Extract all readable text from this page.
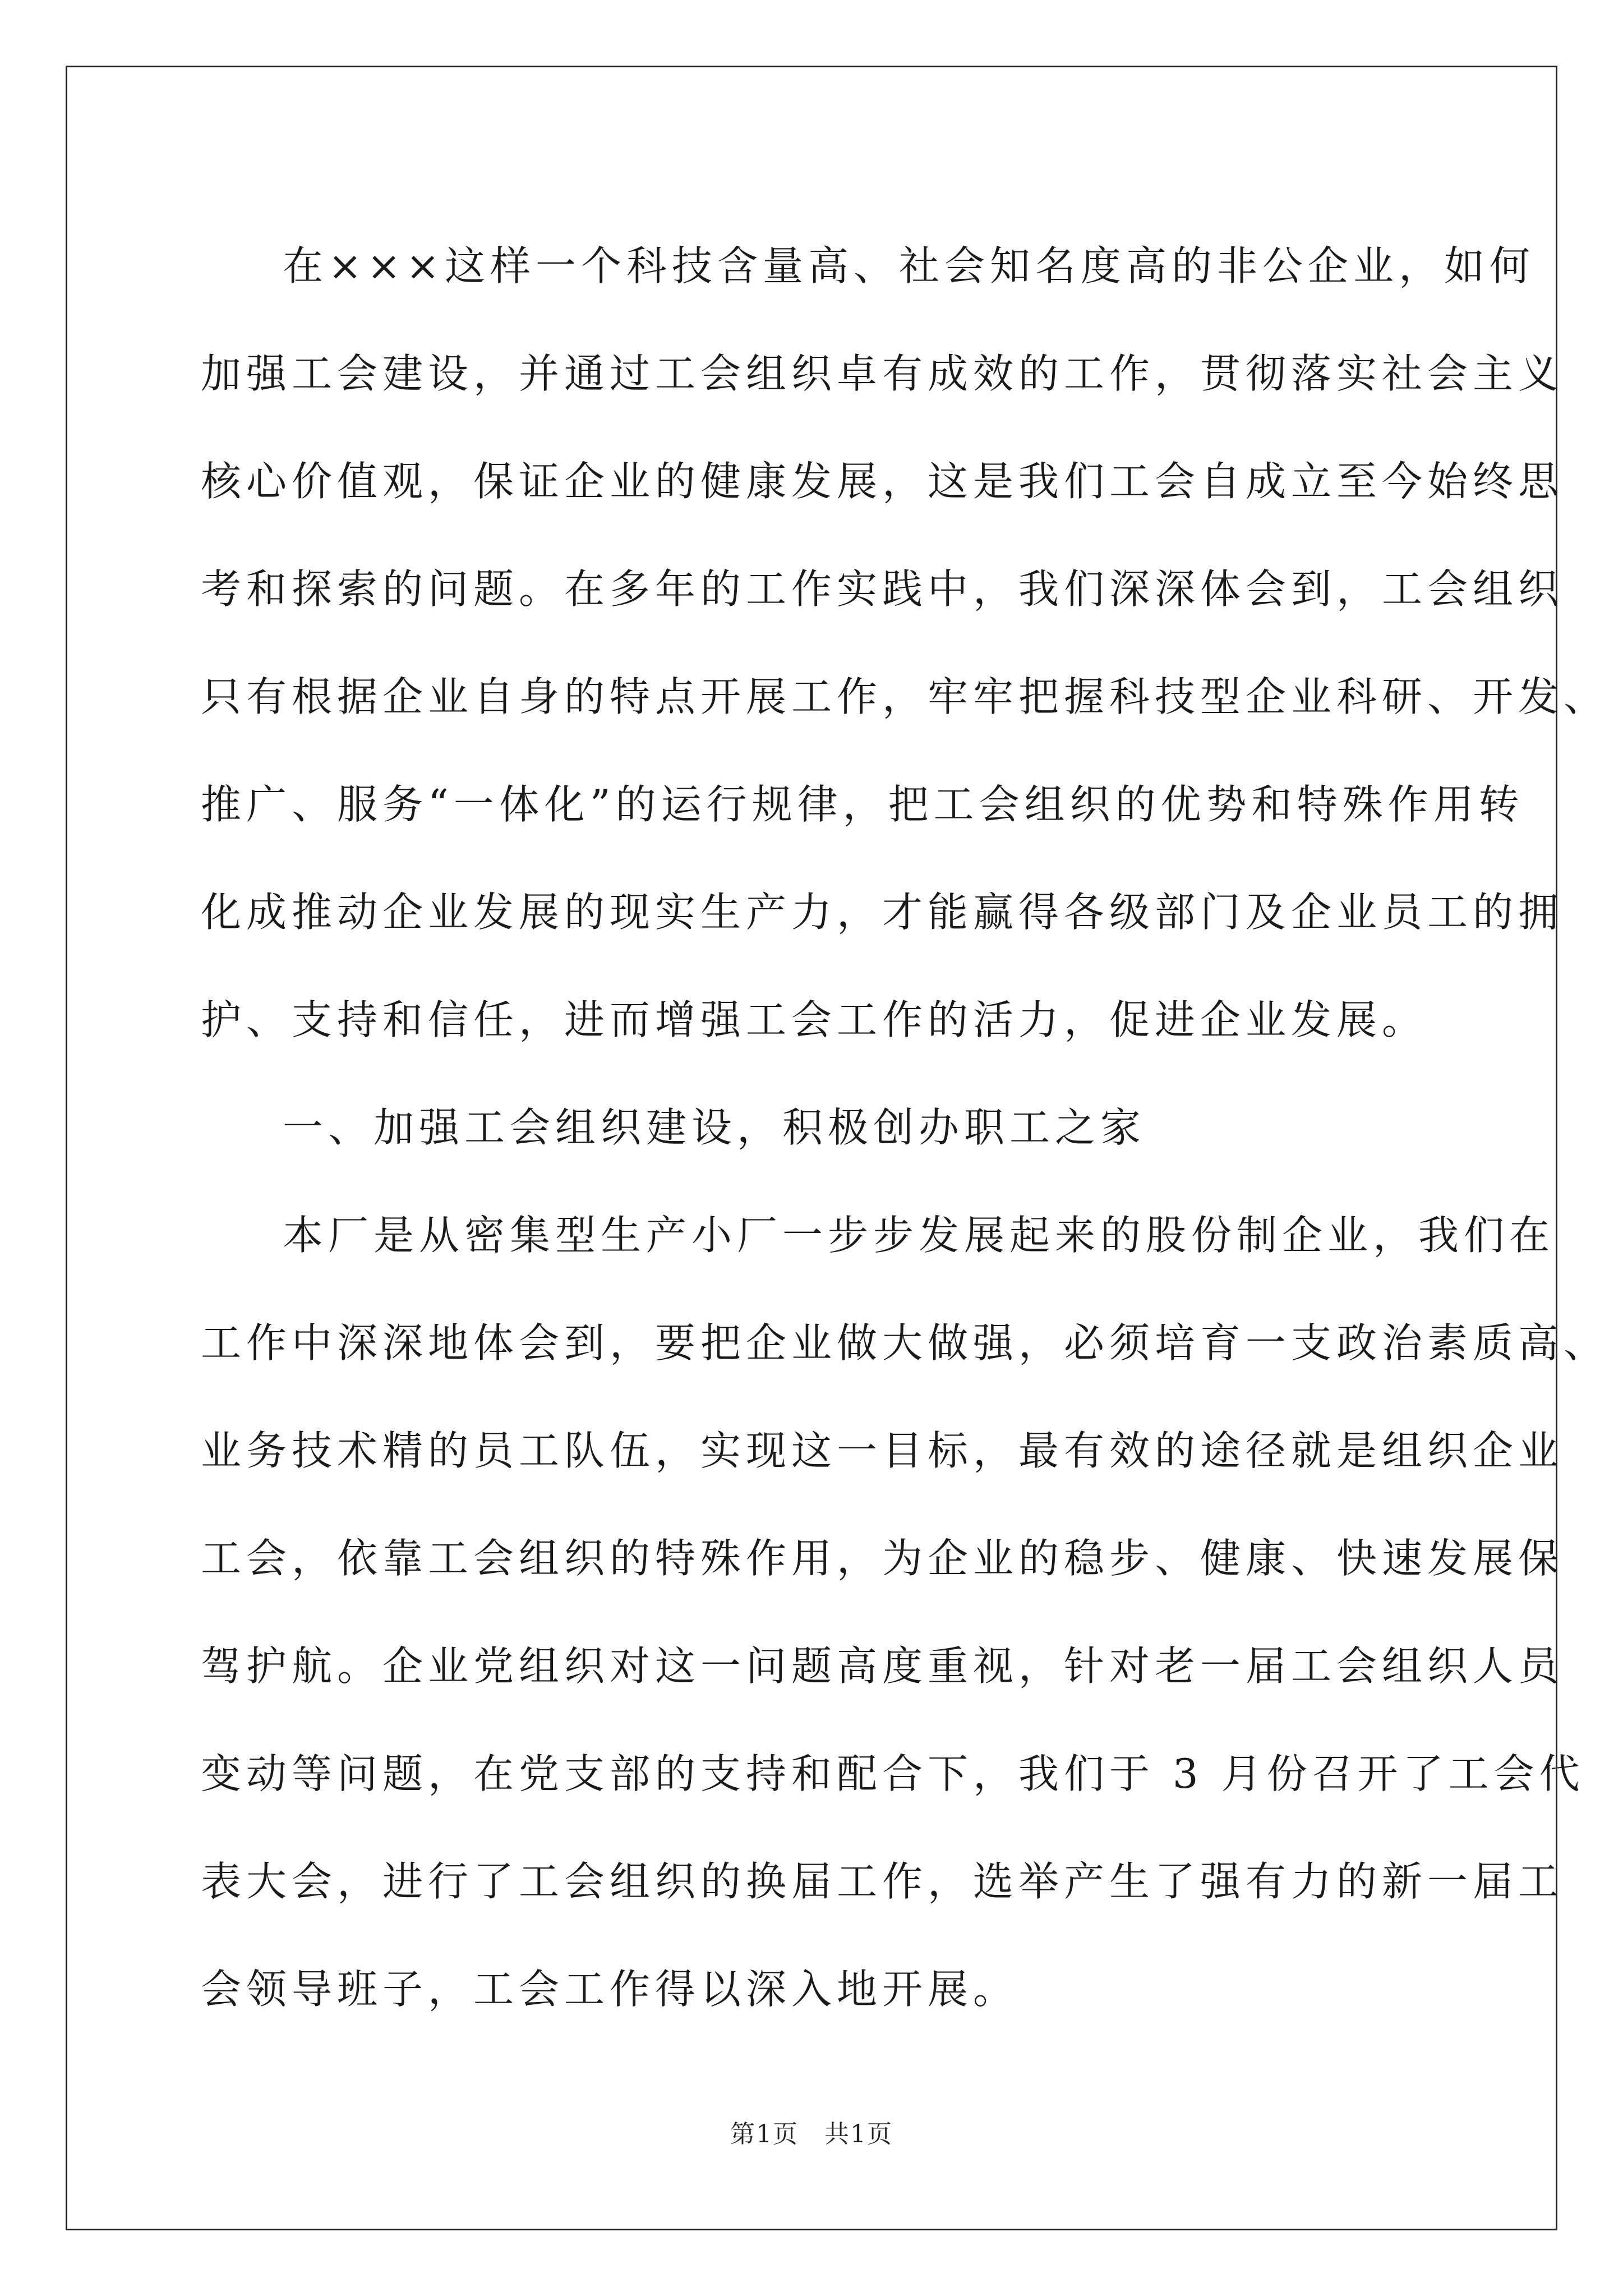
在×××这样一个科技含量高、社会知名度高的非公企业，如何
加强工会建设，并通过工会组织卓有成效的工作，贯彻落实社会主义
核心价值观，保证企业的健康发展，这是我们工会自成立至今始终思
考和探索的问题。在多年的工作实践中，我们深深体会到，工会组织
只有根据企业自身的特点开展工作，牢牢把握科技型企业科研、开发、
推广、服务“一体化”的运行规律，把工会组织的优势和特殊作用转
化成推动企业发展的现实生产力，才能赢得各级部门及企业员工的拥
护、支持和信任，进而增强工会工作的活力，促进企业发展。
一、加强工会组织建设，积极创办职工之家
本厂是从密集型生产小厂一步步发展起来的股份制企业，我们在
工作中深深地体会到，要把企业做大做强，必须培育一支政治素质高、
业务技术精的员工队伍，实现这一目标，最有效的途径就是组织企业
工会，依靠工会组织的特殊作用，为企业的稳步、健康、快速发展保
驾护航。企业党组织对这一问题高度重视，针对老一届工会组织人员
变动等问题，在党支部的支持和配合下，我们于 3 月份召开了工会代
表大会，进行了工会组织的换届工作，选举产生了强有力的新一届工
会领导班子，工会工作得以深入地开展。
第1页 共1页
